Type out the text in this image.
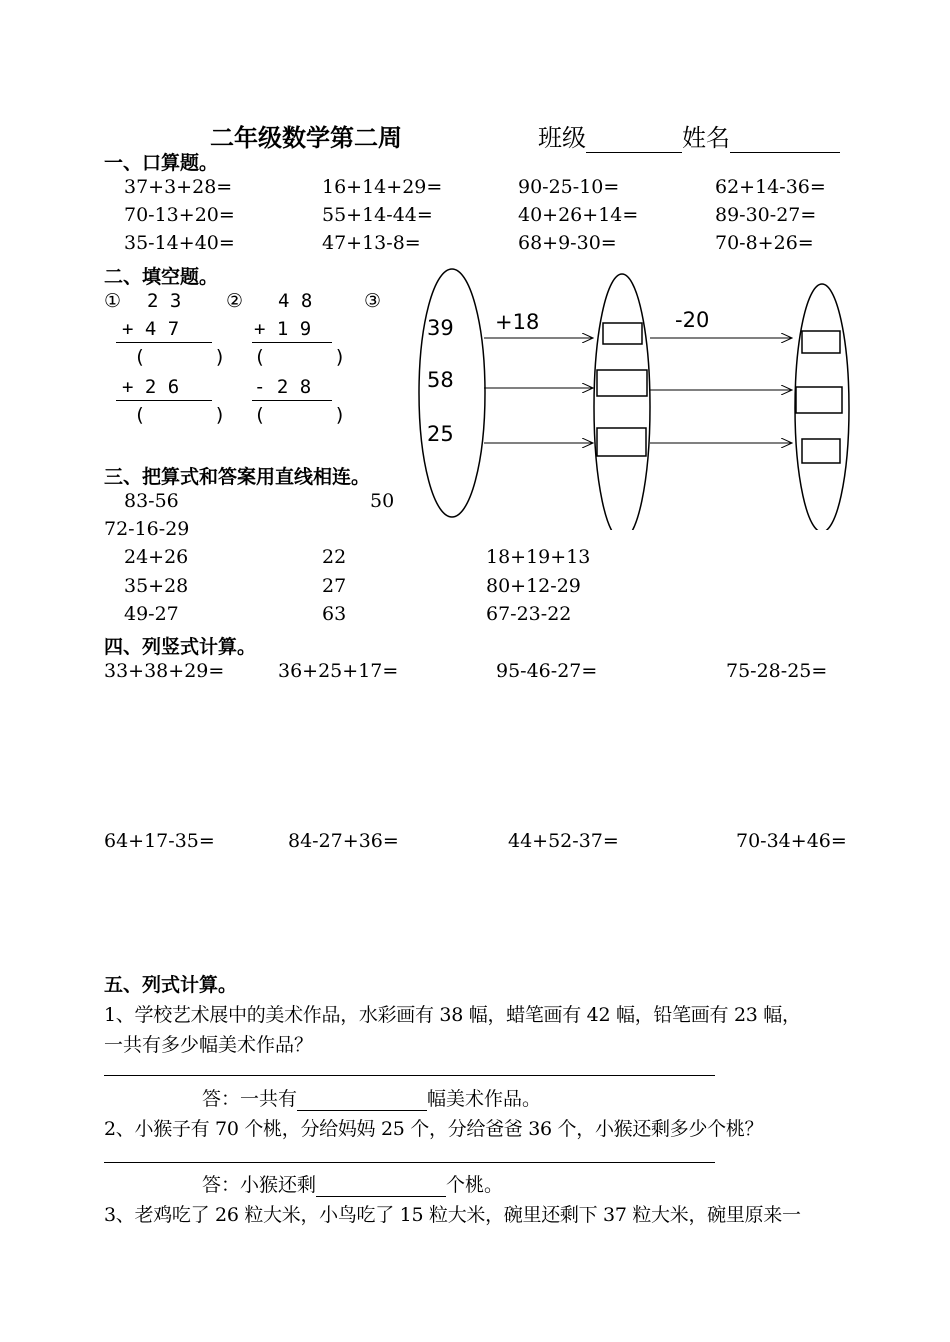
二年级数学第二周	班级	姓名
一、口算题。
37+3+28=	16+14+29=	90-25-10=	62+14-36=
70-13+20=	55+14-44=	40+26+14=	89-30-27=
35-14+40=	47+13-8=	68+9-30=	70-8+26=
二、填空题。
① 2 3 ② 4 8	③
+ 4 7
(      )
+ 2 6
(      )
+ 1 9
(      )
- 2 8
(      )
39
58
25
+18	-20
三、把算式和答案用直线相连。
83-56	50
72-16-29
24+26	22	18+19+13
35+28	27	80+12-29
49-27	63	67-23-22
四、列竖式计算。
33+38+29=	36+25+17=	95-46-27=	75-28-25=
64+17-35=	84-27+36=	44+52-37=	70-34+46=
五、列式计算。
1、学校艺术展中的美术作品，水彩画有 38 幅，蜡笔画有 42 幅，铅笔画有 23 幅，
一共有多少幅美术作品？
答：一共有	幅美术作品。
2、小猴子有 70 个桃，分给妈妈 25 个，分给爸爸 36 个，小猴还剩多少个桃？
答：小猴还剩	个桃。
3、老鸡吃了 26 粒大米，小鸟吃了 15 粒大米，碗里还剩下 37 粒大米，碗里原来一
